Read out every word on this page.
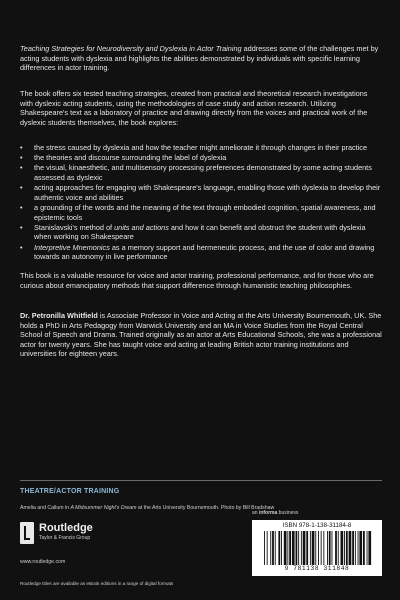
Teaching Strategies for Neurodiversity and Dyslexia in Actor Training addresses some of the challenges met by acting students with dyslexia and highlights the abilities demonstrated by individuals with specific learning differences in actor training.

The book offers six tested teaching strategies, created from practical and theoretical research investigations with dyslexic acting students, using the methodologies of case study and action research. Utilizing Shakespeare's text as a laboratory of practice and drawing directly from the voices and practical work of the dyslexic students themselves, the book explores:

• the stress caused by dyslexia and how the teacher might ameliorate it through changes in their practice
• the theories and discourse surrounding the label of dyslexia
• the visual, kinaesthetic, and multisensory processing preferences demonstrated by some acting students assessed as dyslexic
• acting approaches for engaging with Shakespeare's language, enabling those with dyslexia to develop their authentic voice and abilities
• a grounding of the words and the meaning of the text through embodied cognition, spatial awareness, and epistemic tools
• Stanislavski's method of units and actions and how it can benefit and obstruct the student with dyslexia when working on Shakespeare
• Interpretive Mnemonics as a memory support and hermeneutic process, and the use of color and drawing towards an autonomy in live performance

This book is a valuable resource for voice and actor training, professional performance, and for those who are curious about emancipatory methods that support difference through humanistic teaching philosophies.

Dr. Petronilla Whitfield is Associate Professor in Voice and Acting at the Arts University Bournemouth, UK. She holds a PhD in Arts Pedagogy from Warwick University and an MA in Voice Studies from the Royal Central School of Speech and Drama. Trained originally as an actor at Arts Educational Schools, she was a professional actor for twenty years. She has taught voice and acting at leading British actor training institutions and universities for eighteen years.

THEATRE/ACTOR TRAINING
Amelia and Callum in A Midsummer Night's Dream at the Arts University Bournemouth. Photo by Bill Bradshaw
Routledge
Taylor & Francis Group
www.routledge.com
an informa business
ISBN 978-1-138-31184-8
9 781138 311848
Routledge titles are available as eBook editions in a range of digital formats
